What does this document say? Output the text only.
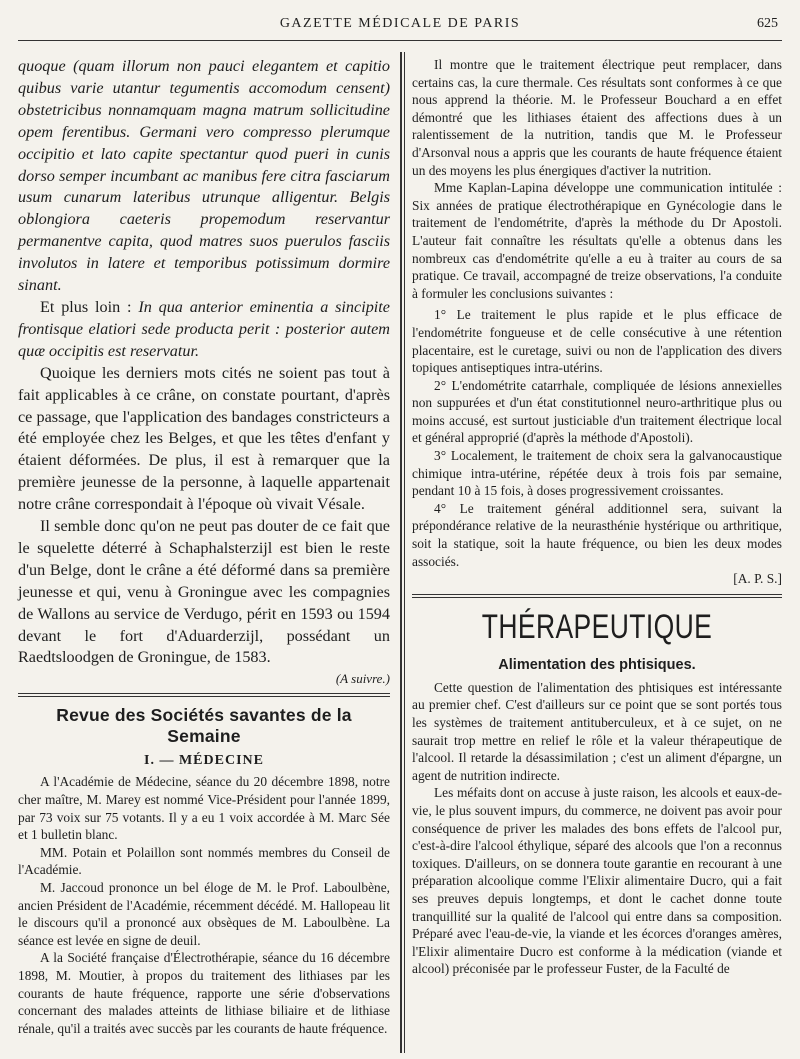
GAZETTE MÉDICALE DE PARIS	625

quoque (quam illorum non pauci elegantem et capitio quibus varie utantur tegumentis accomodum censent) obstetricibus nonnamquam magna matrum sollicitudine opem ferentibus. Germani vero compresso plerumque occipitio et lato capite spectantur quod pueri in cunis dorso semper incumbant ac manibus fere citra fasciarum usum cunarum lateribus utrunque alligentur. Belgis oblongiora caeteris propemodum reservantur permanentve capita, quod matres suos puerulos fasciis involutos in latere et temporibus potissimum dormire sinant.

Et plus loin : In qua anterior eminentia a sincipite frontisque elatiori sede producta perit : posterior autem quæ occipitis est reservatur.

Quoique les derniers mots cités ne soient pas tout à fait applicables à ce crâne, on constate pourtant, d'après ce passage, que l'application des bandages constricteurs a été employée chez les Belges, et que les têtes d'enfant y étaient déformées. De plus, il est à remarquer que la première jeunesse de la personne, à laquelle appartenait notre crâne correspondait à l'époque où vivait Vésale.

Il semble donc qu'on ne peut pas douter de ce fait que le squelette déterré à Schaphalsterzijl est bien le reste d'un Belge, dont le crâne a été déformé dans sa première jeunesse et qui, venu à Groningue avec les compagnies de Wallons au service de Verdugo, périt en 1593 ou 1594 devant le fort d'Aduarderzijl, possédant un Raedtsloodgen de Groningue, de 1583.

(A suivre.)
Revue des Sociétés savantes de la Semaine
I. — MÉDECINE

A l'Académie de Médecine, séance du 20 décembre 1898, notre cher maître, M. Marey est nommé Vice-Président pour l'année 1899, par 73 voix sur 75 votants. Il y a eu 1 voix accordée à M. Marc Sée et 1 bulletin blanc.

MM. Potain et Polaillon sont nommés membres du Conseil de l'Académie.

M. Jaccoud prononce un bel éloge de M. le Prof. Laboulbène, ancien Président de l'Académie, récemment décédé. M. Hallopeau lit le discours qu'il a prononcé aux obsèques de M. Laboulbène. La séance est levée en signe de deuil.

A la Société française d'Électrothérapie, séance du 16 décembre 1898, M. Moutier, à propos du traitement des lithiases par les courants de haute fréquence, rapporte une série d'observations concernant des malades atteints de lithiase biliaire et de lithiase rénale, qu'il a traités avec succès par les courants de haute fréquence.

Il montre que le traitement électrique peut remplacer, dans certains cas, la cure thermale. Ces résultats sont conformes à ce que nous apprend la théorie. M. le Professeur Bouchard a en effet démontré que les lithiases étaient des affections dues à un ralentissement de la nutrition, tandis que M. le Professeur d'Arsonval nous a appris que les courants de haute fréquence étaient un des moyens les plus énergiques d'activer la nutrition.

Mme Kaplan-Lapina développe une communication intitulée : Six années de pratique électrothérapique en Gynécologie dans le traitement de l'endométrite, d'après la méthode du Dr Apostoli. L'auteur fait connaître les résultats qu'elle a obtenus dans les nombreux cas d'endométrite qu'elle a eu à traiter au cours de sa pratique. Ce travail, accompagné de treize observations, l'a conduite à formuler les conclusions suivantes :

1° Le traitement le plus rapide et le plus efficace de l'endométrite fongueuse et de celle consécutive à une rétention placentaire, est le curetage, suivi ou non de l'application des divers topiques antiseptiques intra-utérins.

2° L'endométrite catarrhale, compliquée de lésions annexielles non suppurées et d'un état constitutionnel neuro-arthritique plus ou moins accusé, est surtout justiciable d'un traitement électrique local et général approprié (d'après la méthode d'Apostoli).

3° Localement, le traitement de choix sera la galvanocaustique chimique intra-utérine, répétée deux à trois fois par semaine, pendant 10 à 15 fois, à doses progressivement croissantes.

4° Le traitement général additionnel sera, suivant la prépondérance relative de la neurasthénie hystérique ou arthritique, soit la statique, soit la haute fréquence, ou bien les deux modes associés.

[A. P. S.]

THÉRAPEUTIQUE
Alimentation des phtisiques.

Cette question de l'alimentation des phtisiques est intéressante au premier chef. C'est d'ailleurs sur ce point que se sont portés tous les systèmes de traitement antituberculeux, et à ce sujet, on ne saurait trop mettre en relief le rôle et la valeur thérapeutique de l'alcool. Il retarde la désassimilation ; c'est un aliment d'épargne, un agent de nutrition indirecte.

Les méfaits dont on accuse à juste raison, les alcools et eaux-de-vie, le plus souvent impurs, du commerce, ne doivent pas avoir pour conséquence de priver les malades des bons effets de l'alcool pur, c'est-à-dire l'alcool éthylique, séparé des alcools que l'on a reconnus toxiques. D'ailleurs, on se donnera toute garantie en recourant à une préparation alcoolique comme l'Elixir alimentaire Ducro, qui a fait ses preuves depuis longtemps, et dont le cachet donne toute tranquillité sur la qualité de l'alcool qui entre dans sa composition. Préparé avec l'eau-de-vie, la viande et les écorces d'oranges amères, l'Elixir alimentaire Ducro est conforme à la médication (viande et alcool) préconisée par le professeur Fuster, de la Faculté de
